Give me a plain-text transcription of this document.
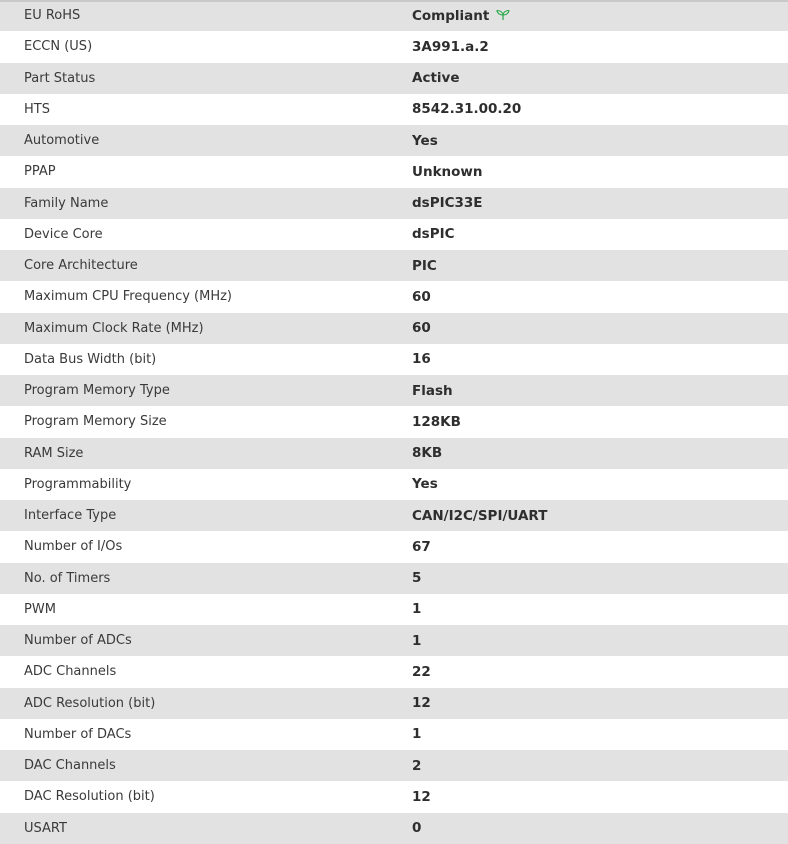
EU RoHS	Compliant
ECCN (US)	3A991.a.2
Part Status	Active
HTS	8542.31.00.20
Automotive	Yes
PPAP	Unknown
Family Name	dsPIC33E
Device Core	dsPIC
Core Architecture	PIC
Maximum CPU Frequency (MHz)	60
Maximum Clock Rate (MHz)	60
Data Bus Width (bit)	16
Program Memory Type	Flash
Program Memory Size	128KB
RAM Size	8KB
Programmability	Yes
Interface Type	CAN/I2C/SPI/UART
Number of I/Os	67
No. of Timers	5
PWM	1
Number of ADCs	1
ADC Channels	22
ADC Resolution (bit)	12
Number of DACs	1
DAC Channels	2
DAC Resolution (bit)	12
USART	0
